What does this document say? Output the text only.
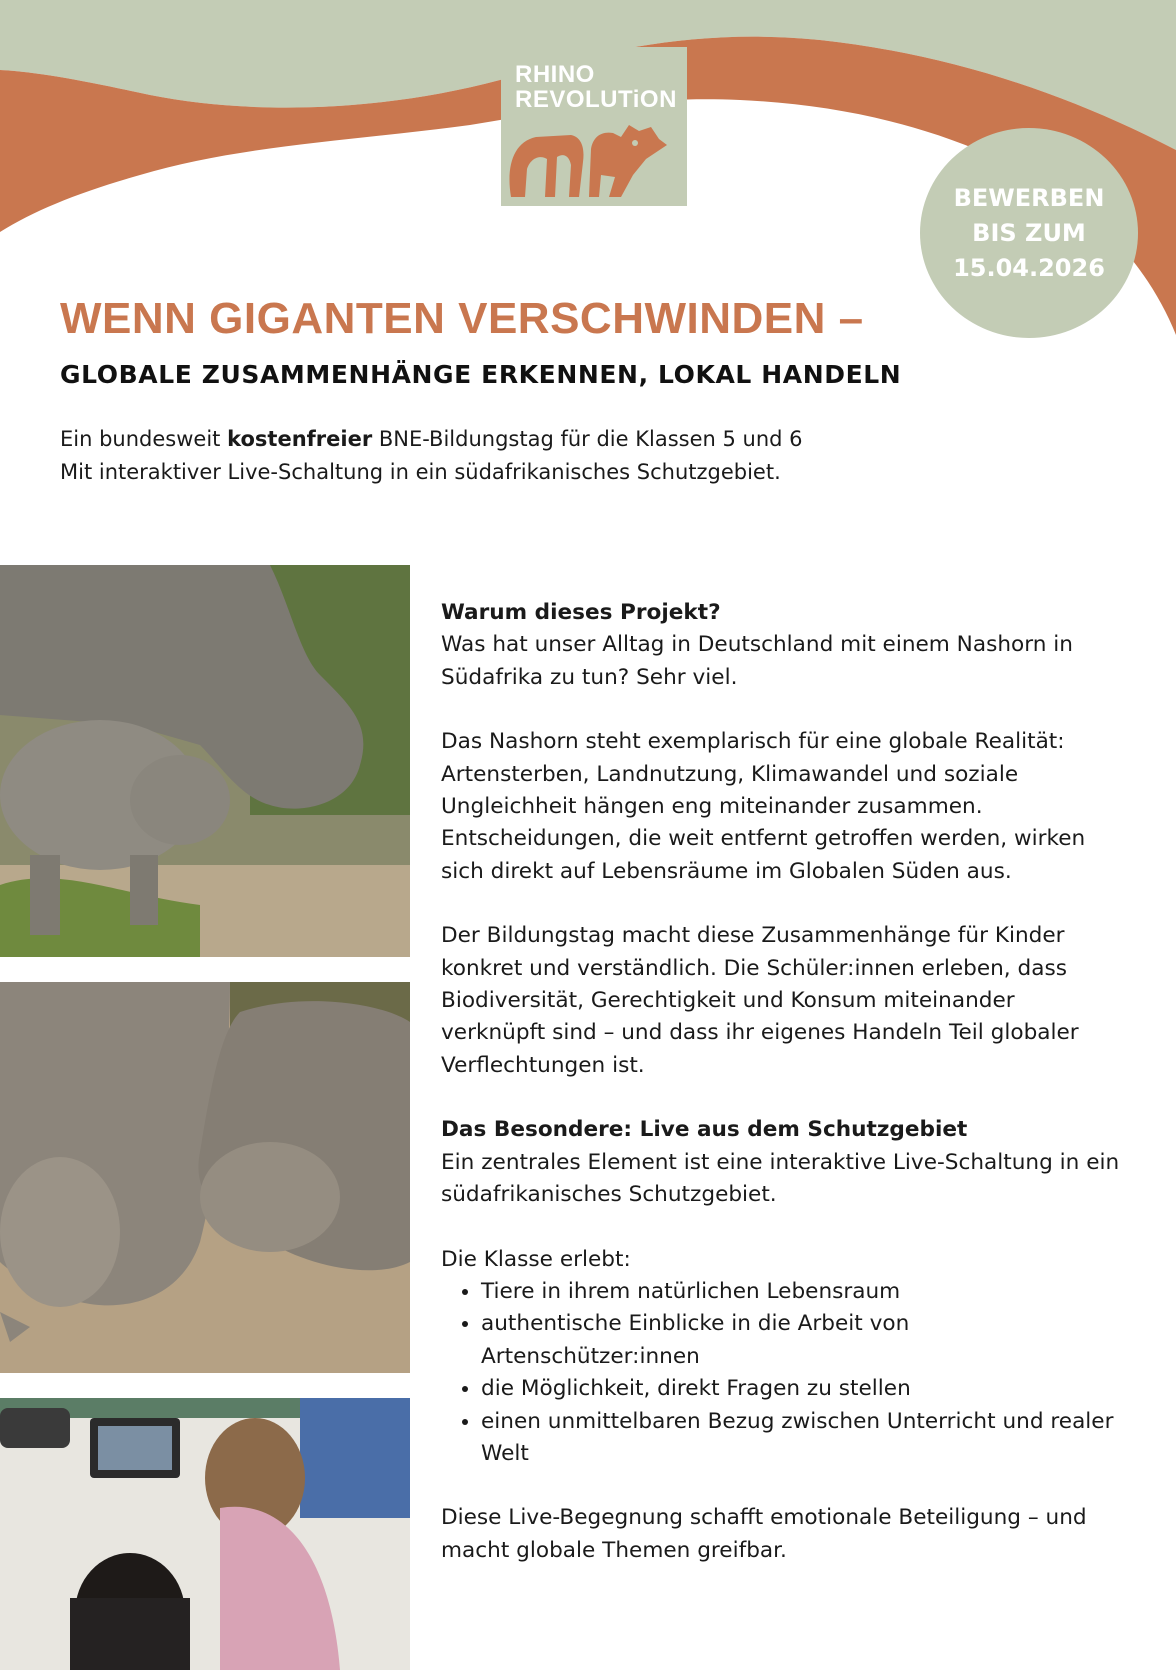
RHINO
REVOLUTiON
BEWERBEN
BIS ZUM
15.04.2026
WENN GIGANTEN VERSCHWINDEN –
GLOBALE ZUSAMMENHÄNGE ERKENNEN, LOKAL HANDELN

Ein bundesweit kostenfreier BNE-Bildungstag für die Klassen 5 und 6

Mit interaktiver Live-Schaltung in ein südafrikanisches Schutzgebiet.

Warum dieses Projekt?

Was hat unser Alltag in Deutschland mit einem Nashorn in Südafrika zu tun? Sehr viel.

Das Nashorn steht exemplarisch für eine globale Realität: Artensterben, Landnutzung, Klimawandel und soziale Ungleichheit hängen eng miteinander zusammen. Entscheidungen, die weit entfernt getroffen werden, wirken sich direkt auf Lebensräume im Globalen Süden aus.

Der Bildungstag macht diese Zusammenhänge für Kinder konkret und verständlich. Die Schüler:innen erleben, dass Biodiversität, Gerechtigkeit und Konsum miteinander verknüpft sind – und dass ihr eigenes Handeln Teil globaler Verflechtungen ist.

Das Besondere: Live aus dem Schutzgebiet

Ein zentrales Element ist eine interaktive Live-Schaltung in ein südafrikanisches Schutzgebiet.

Die Klasse erlebt:
• Tiere in ihrem natürlichen Lebensraum
• authentische Einblicke in die Arbeit von Artenschützer:innen
• die Möglichkeit, direkt Fragen zu stellen
• einen unmittelbaren Bezug zwischen Unterricht und realer Welt

Diese Live-Begegnung schafft emotionale Beteiligung – und macht globale Themen greifbar.
